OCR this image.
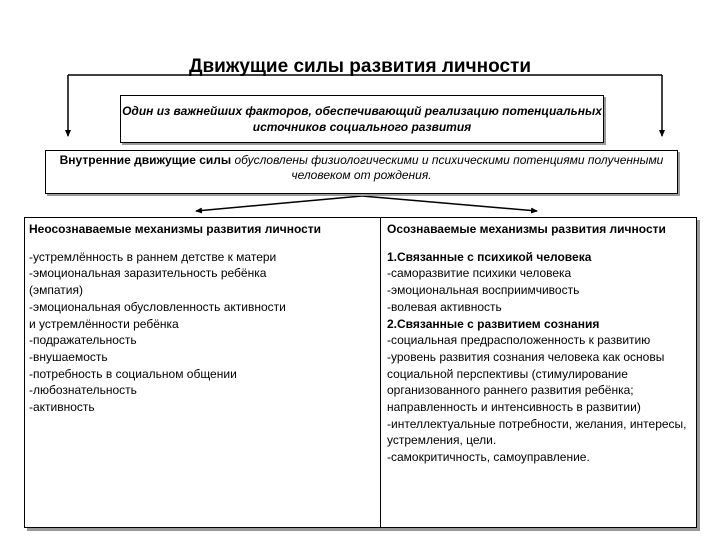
Движущие силы развития личности
Один из важнейших факторов, обеспечивающий реализацию потенциальных источников социального развития
Внутренние движущие силы обусловлены физиологическими и психическими потенциями полученными человеком от рождения.
Неосознаваемые механизмы развития личности
-устремлённость в раннем детстве к матери
-эмоциональная заразительность ребёнка
(эмпатия)
-эмоциональная обусловленность активности
и устремлённости ребёнка
-подражательность
-внушаемость
-потребность в социальном общении
-любознательность
-активность
Осознаваемые механизмы развития личности
1.Связанные с психикой человека
-саморазвитие психики человека
-эмоциональная восприимчивость
-волевая активность
2.Связанные с развитием сознания
-социальная предрасположенность к развитию
-уровень развития сознания человека как основы социальной перспективы (стимулирование организованного раннего развития ребёнка; направленность и интенсивность в развитии)
-интеллектуальные потребности, желания, интересы, устремления, цели.
-самокритичность, самоуправление.
